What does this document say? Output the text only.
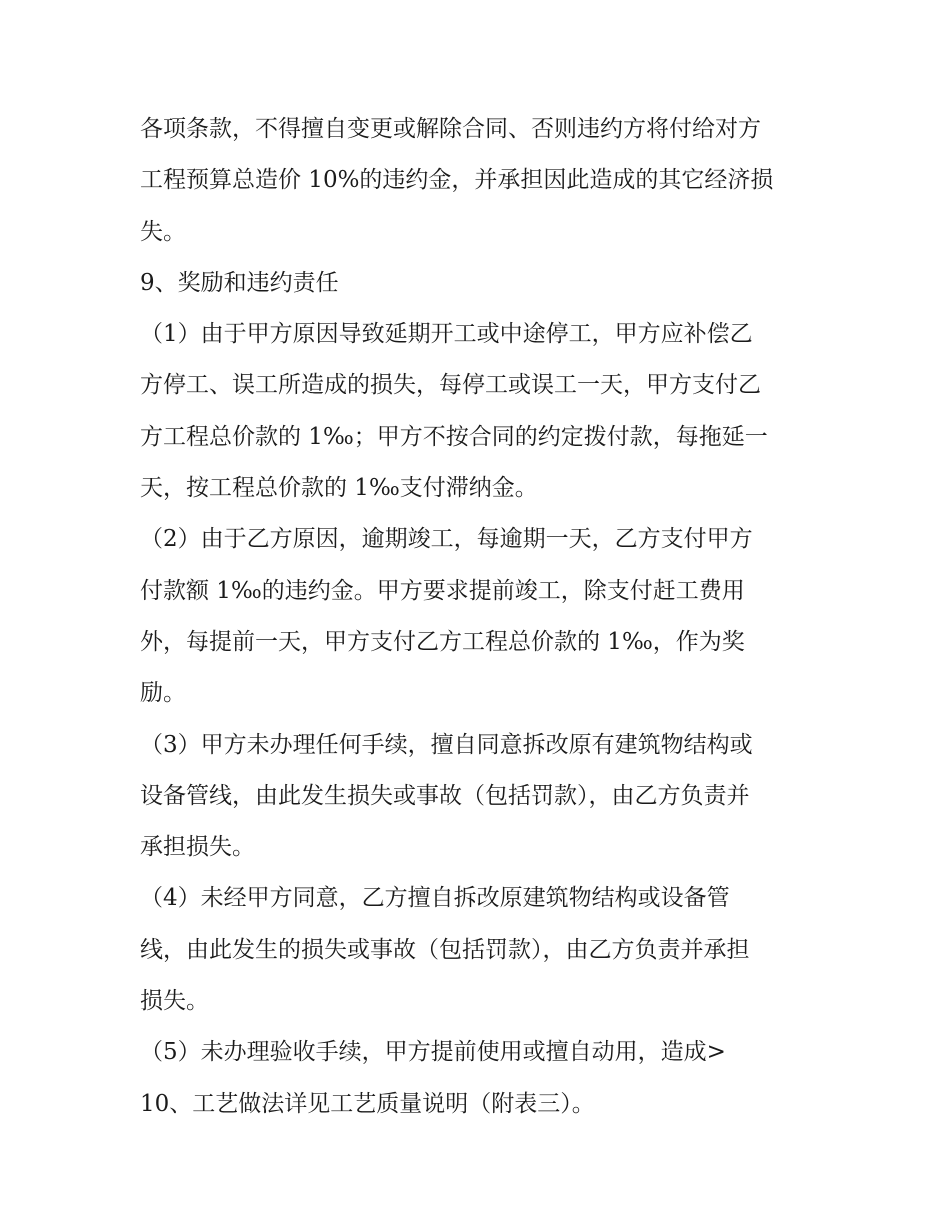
各项条款，不得擅自变更或解除合同、否则违约方将付给对方
工程预算总造价 10%的违约金，并承担因此造成的其它经济损
失。
9、奖励和违约责任
（1）由于甲方原因导致延期开工或中途停工，甲方应补偿乙
方停工、误工所造成的损失，每停工或误工一天，甲方支付乙
方工程总价款的 1‰；甲方不按合同的约定拨付款，每拖延一
天，按工程总价款的 1‰支付滞纳金。
（2）由于乙方原因，逾期竣工，每逾期一天，乙方支付甲方
付款额 1‰的违约金。甲方要求提前竣工，除支付赶工费用
外，每提前一天，甲方支付乙方工程总价款的 1‰，作为奖
励。
（3）甲方未办理任何手续，擅自同意拆改原有建筑物结构或
设备管线，由此发生损失或事故（包括罚款），由乙方负责并
承担损失。
（4）未经甲方同意，乙方擅自拆改原建筑物结构或设备管
线，由此发生的损失或事故（包括罚款），由乙方负责并承担
损失。
（5）未办理验收手续，甲方提前使用或擅自动用，造成>
10、工艺做法详见工艺质量说明（附表三）。
